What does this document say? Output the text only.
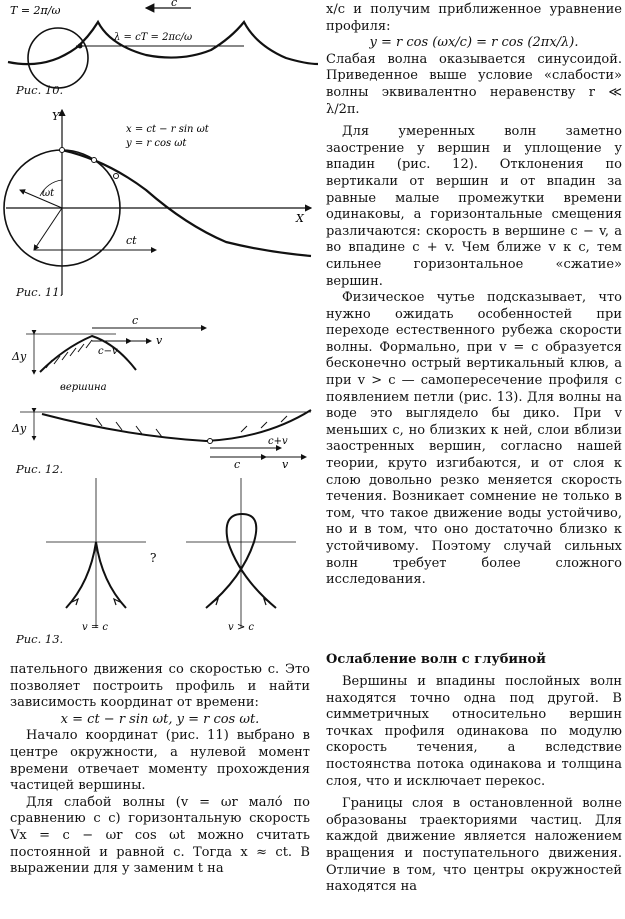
c
T = 2π/ω
λ = cT = 2πc/ω
Рис. 10.
Y
X
x = ct − r sin ωt
y = r cos ωt
ωt
ct
Рис. 11.
Δy
c
c−v
v
вершина
Δy
c+v
c	v
Рис. 12.
v = c
?
v > c
Рис. 13.

пательного движения со скоростью c. Это позволяет построить профиль и найти зависимость координат от времени:

x = ct − r sin ωt, y = r cos ωt.

Начало координат (рис. 11) выбрано в центре окружности, а нулевой момент времени отвечает моменту прохождения частицей вершины.

Для слабой волны (v = ωr мало́ по сравнению с c) горизонтальную скорость Vx = c − ωr cos ωt можно считать постоянной и равной c. Тогда x ≈ ct. В выражении для y заменим t на

x/c и получим приближенное уравнение профиля:

y = r cos (ωx/c) = r cos (2πx/λ).

Слабая волна оказывается синусоидой. Приведенное выше условие «слабости» волны эквивалентно неравенству r ≪ λ/2π.

Для умеренных волн заметно заострение у вершин и уплощение у впадин (рис. 12). Отклонения по вертикали от вершин и от впадин за равные малые промежутки времени одинаковы, а горизонтальные смещения различаются: скорость в вершине c − v, а во впадине c + v. Чем ближе v к c, тем сильнее горизонтальное «сжатие» вершин.

Физическое чутье подсказывает, что нужно ожидать особенностей при переходе естественного рубежа скорости волны. Формально, при v = c образуется бесконечно острый вертикальный клюв, а при v > c — самопересечение профиля с появлением петли (рис. 13). Для волны на воде это выглядело бы дико. При v меньших c, но близких к ней, слои вблизи заостренных вершин, согласно нашей теории, круто изгибаются, и от слоя к слою довольно резко меняется скорость течения. Возникает сомнение не только в том, что такое движение воды устойчиво, но и в том, что оно достаточно близко к устойчивому. Поэтому случай сильных волн требует более сложного исследования.

Ослабление волн с глубиной

Вершины и впадины послойных волн находятся точно одна под другой. В симметричных относительно вершин точках профиля одинакова по модулю скорость течения, а вследствие постоянства потока одинакова и толщина слоя, что и исключает перекос.

Границы слоя в остановленной волне образованы траекториями частиц. Для каждой движение является наложением вращения и поступательного движения. Отличие в том, что центры окружностей находятся на
